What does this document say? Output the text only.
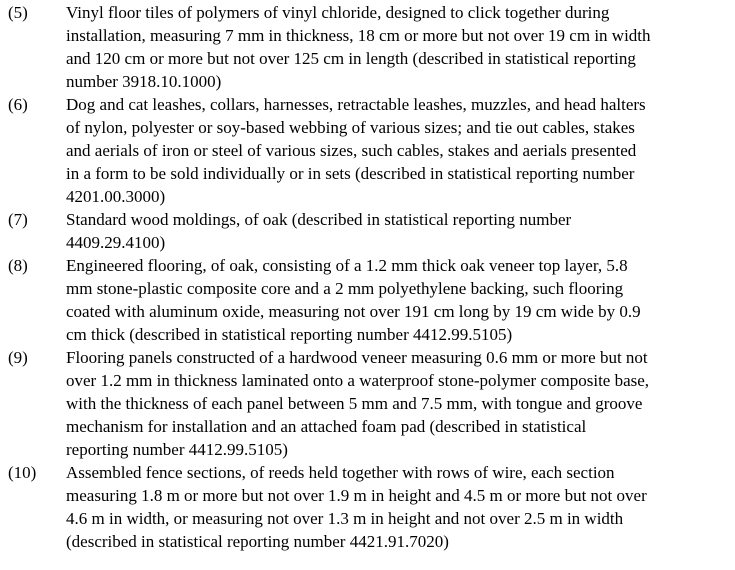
(5) Vinyl floor tiles of polymers of vinyl chloride, designed to click together during
installation, measuring 7 mm in thickness, 18 cm or more but not over 19 cm in width
and 120 cm or more but not over 125 cm in length (described in statistical reporting
number 3918.10.1000)
(6) Dog and cat leashes, collars, harnesses, retractable leashes, muzzles, and head halters
of nylon, polyester or soy-based webbing of various sizes; and tie out cables, stakes
and aerials of iron or steel of various sizes, such cables, stakes and aerials presented
in a form to be sold individually or in sets (described in statistical reporting number
4201.00.3000)
(7) Standard wood moldings, of oak (described in statistical reporting number
4409.29.4100)
(8) Engineered flooring, of oak, consisting of a 1.2 mm thick oak veneer top layer, 5.8
mm stone-plastic composite core and a 2 mm polyethylene backing, such flooring
coated with aluminum oxide, measuring not over 191 cm long by 19 cm wide by 0.9
cm thick (described in statistical reporting number 4412.99.5105)
(9) Flooring panels constructed of a hardwood veneer measuring 0.6 mm or more but not
over 1.2 mm in thickness laminated onto a waterproof stone-polymer composite base,
with the thickness of each panel between 5 mm and 7.5 mm, with tongue and groove
mechanism for installation and an attached foam pad (described in statistical
reporting number 4412.99.5105)
(10) Assembled fence sections, of reeds held together with rows of wire, each section
measuring 1.8 m or more but not over 1.9 m in height and 4.5 m or more but not over
4.6 m in width, or measuring not over 1.3 m in height and not over 2.5 m in width
(described in statistical reporting number 4421.91.7020)
